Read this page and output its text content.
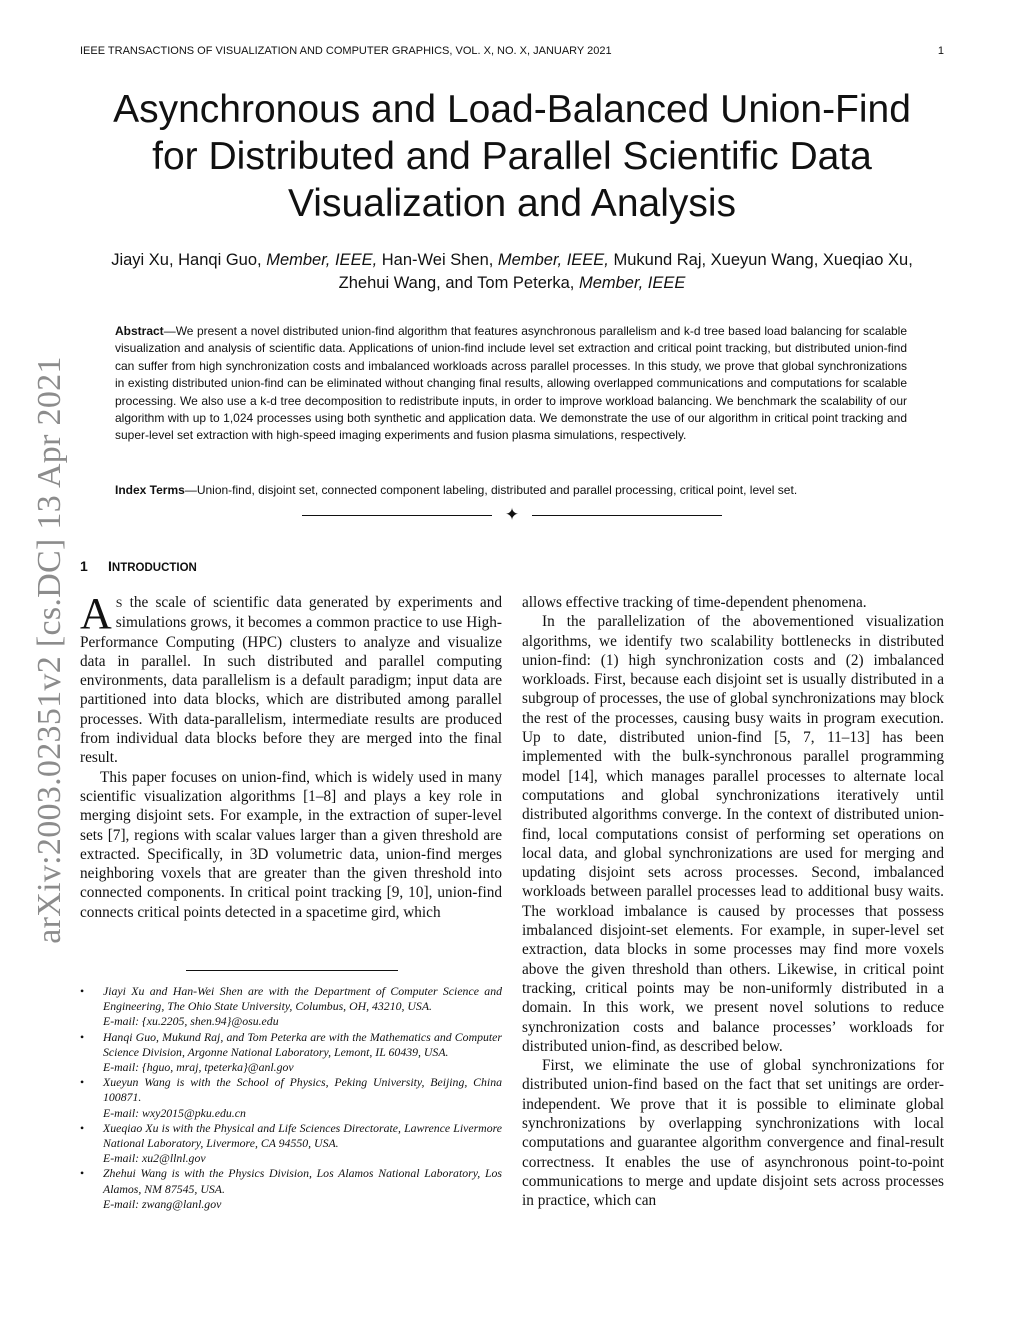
IEEE TRANSACTIONS OF VISUALIZATION AND COMPUTER GRAPHICS, VOL. X, NO. X, JANUARY 2021	1
Asynchronous and Load-Balanced Union-Find for Distributed and Parallel Scientific Data Visualization and Analysis
Jiayi Xu, Hanqi Guo, Member, IEEE, Han-Wei Shen, Member, IEEE, Mukund Raj, Xueyun Wang, Xueqiao Xu, Zhehui Wang, and Tom Peterka, Member, IEEE
Abstract—We present a novel distributed union-find algorithm that features asynchronous parallelism and k-d tree based load balancing for scalable visualization and analysis of scientific data. Applications of union-find include level set extraction and critical point tracking, but distributed union-find can suffer from high synchronization costs and imbalanced workloads across parallel processes. In this study, we prove that global synchronizations in existing distributed union-find can be eliminated without changing final results, allowing overlapped communications and computations for scalable processing. We also use a k-d tree decomposition to redistribute inputs, in order to improve workload balancing. We benchmark the scalability of our algorithm with up to 1,024 processes using both synthetic and application data. We demonstrate the use of our algorithm in critical point tracking and super-level set extraction with high-speed imaging experiments and fusion plasma simulations, respectively.
Index Terms—Union-find, disjoint set, connected component labeling, distributed and parallel processing, critical point, level set.
✦
arXiv:2003.02351v2 [cs.DC] 13 Apr 2021 1 INTRODUCTION

A S the scale of scientific data generated by experiments and simulations grows, it becomes a common practice to use High-Performance Computing (HPC) clusters to analyze and visualize data in parallel. In such distributed and parallel computing environments, data parallelism is a default paradigm; input data are partitioned into data blocks, which are distributed among parallel processes. With data-parallelism, intermediate results are produced from individual data blocks before they are merged into the final result.

This paper focuses on union-find, which is widely used in many scientific visualization algorithms [1–8] and plays a key role in merging disjoint sets. For example, in the extraction of super-level sets [7], regions with scalar values larger than a given threshold are extracted. Specifically, in 3D volumetric data, union-find merges neighboring voxels that are greater than the given threshold into connected components. In critical point tracking [9, 10], union-find connects critical points detected in a spacetime gird, which

allows effective tracking of time-dependent phenomena.

In the parallelization of the abovementioned visualization algorithms, we identify two scalability bottlenecks in distributed union-find: (1) high synchronization costs and (2) imbalanced workloads. First, because each disjoint set is usually distributed in a subgroup of processes, the use of global synchronizations may block the rest of the processes, causing busy waits in program execution. Up to date, distributed union-find [5, 7, 11–13] has been implemented with the bulk-synchronous parallel programming model [14], which manages parallel processes to alternate local computations and global synchronizations iteratively until distributed algorithms converge. In the context of distributed union-find, local computations consist of performing set operations on local data, and global synchronizations are used for merging and updating disjoint sets across processes. Second, imbalanced workloads between parallel processes lead to additional busy waits. The workload imbalance is caused by processes that possess imbalanced disjoint-set elements. For example, in super-level set extraction, data blocks in some processes may find more voxels above the given threshold than others. Likewise, in critical point tracking, critical points may be non-uniformly distributed in a domain. In this work, we present novel solutions to reduce synchronization costs and balance processes’ workloads for distributed union-find, as described below.

First, we eliminate the use of global synchronizations for distributed union-find based on the fact that set unitings are order-independent. We prove that it is possible to eliminate global synchronizations by overlapping synchronizations with local computations and guarantee algorithm convergence and final-result correctness. It enables the use of asynchronous point-to-point communications to merge and update disjoint sets across processes in practice, which can

• Jiayi Xu and Han-Wei Shen are with the Department of Computer Science and Engineering, The Ohio State University, Columbus, OH, 43210, USA.
E-mail: {xu.2205, shen.94}@osu.edu
• Hanqi Guo, Mukund Raj, and Tom Peterka are with the Mathematics and Computer Science Division, Argonne National Laboratory, Lemont, IL 60439, USA.
E-mail: {hguo, mraj, tpeterka}@anl.gov
• Xueyun Wang is with the School of Physics, Peking University, Beijing, China 100871.
E-mail: wxy2015@pku.edu.cn
• Xueqiao Xu is with the Physical and Life Sciences Directorate, Lawrence Livermore National Laboratory, Livermore, CA 94550, USA.
E-mail: xu2@llnl.gov
• Zhehui Wang is with the Physics Division, Los Alamos National Laboratory, Los Alamos, NM 87545, USA.
E-mail: zwang@lanl.gov
